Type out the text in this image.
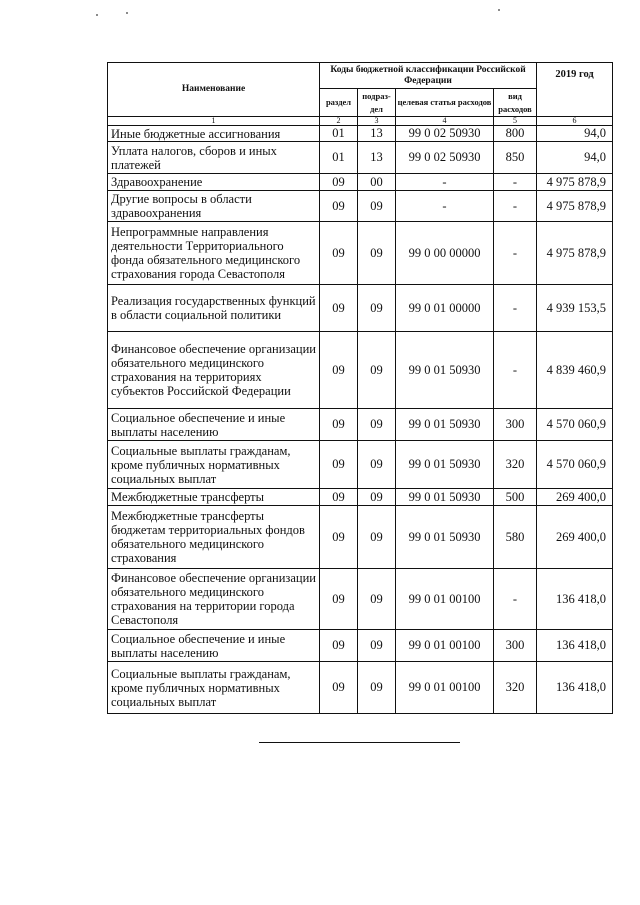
Наименование	Коды бюджетной классификации Российской Федерации				2019 год
	раздел	подраз-дел	целевая статья расходов	вид расходов	
1	2	3	4	5	6
Иные бюджетные ассигнования	01	13	99 0 02 50930	800	94,0
Уплата налогов, сборов и иных платежей	01	13	99 0 02 50930	850	94,0
Здравоохранение	09	00	-	-	4 975 878,9
Другие вопросы в области здравоохранения	09	09	-	-	4 975 878,9
Непрограммные направления деятельности Территориального фонда обязательного медицинского страхования города Севастополя	09	09	99 0 00 00000	-	4 975 878,9
Реализация государственных функций в области социальной политики	09	09	99 0 01 00000	-	4 939 153,5
Финансовое обеспечение организации обязательного медицинского страхования на территориях субъектов Российской Федерации	09	09	99 0 01 50930	-	4 839 460,9
Социальное обеспечение и иные выплаты населению	09	09	99 0 01 50930	300	4 570 060,9
Социальные выплаты гражданам, кроме публичных нормативных социальных выплат	09	09	99 0 01 50930	320	4 570 060,9
Межбюджетные трансферты	09	09	99 0 01 50930	500	269 400,0
Межбюджетные трансферты бюджетам территориальных фондов обязательного медицинского страхования	09	09	99 0 01 50930	580	269 400,0
Финансовое обеспечение организации обязательного медицинского страхования на территории города Севастополя	09	09	99 0 01 00100	-	136 418,0
Социальное обеспечение и иные выплаты населению	09	09	99 0 01 00100	300	136 418,0
Социальные выплаты гражданам, кроме публичных нормативных социальных выплат	09	09	99 0 01 00100	320	136 418,0
